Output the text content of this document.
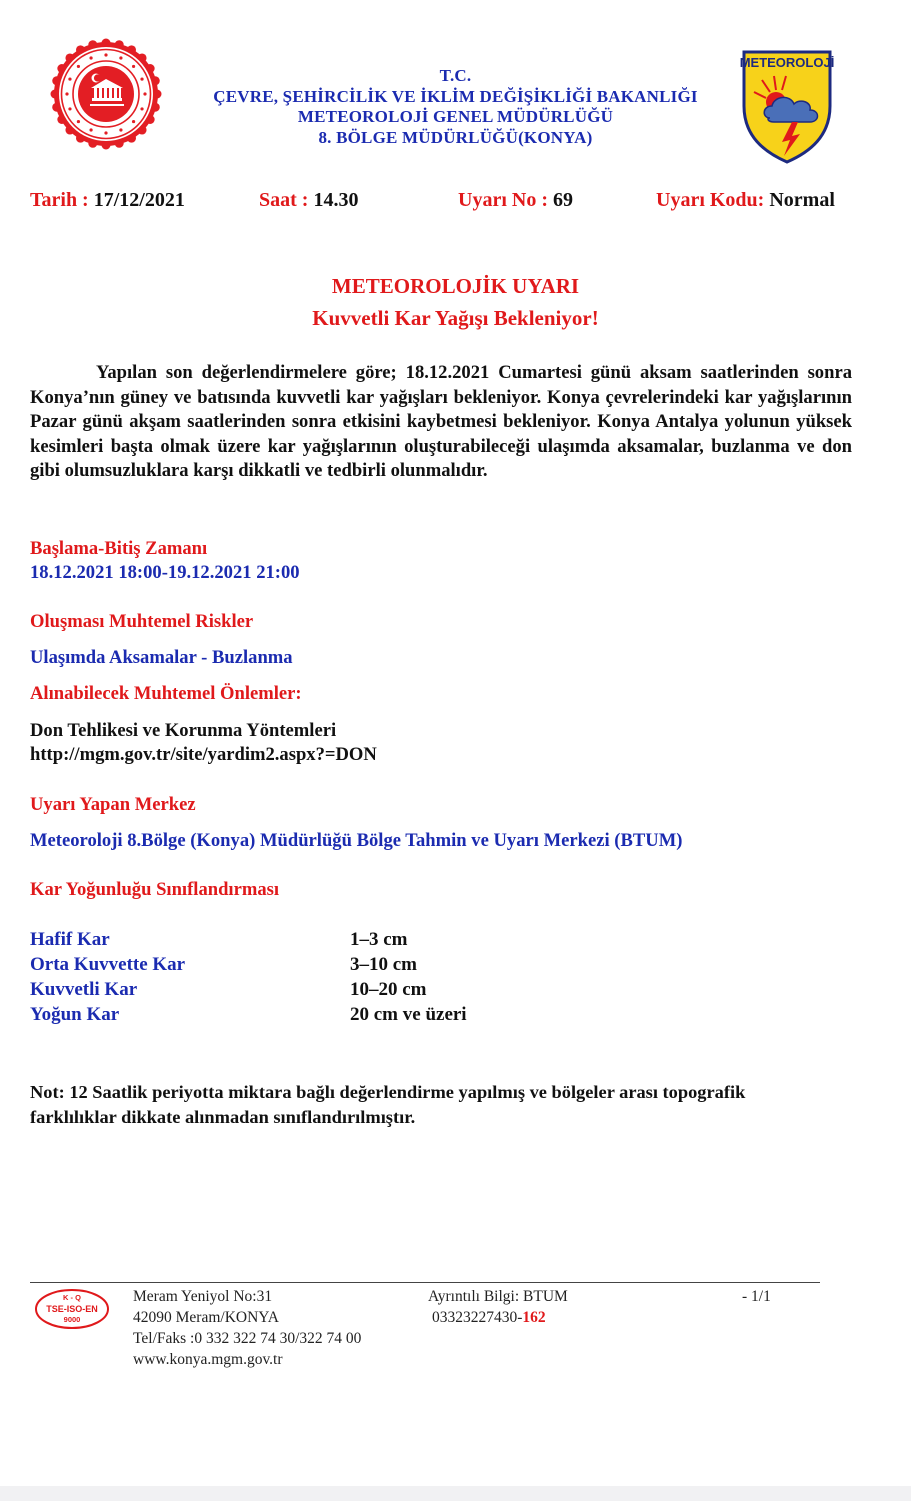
METEOROLOJİ
T.C.
ÇEVRE, ŞEHİRCİLİK VE İKLİM DEĞİŞİKLİĞİ BAKANLIĞI
METEOROLOJİ GENEL MÜDÜRLÜĞÜ
8. BÖLGE MÜDÜRLÜĞÜ(KONYA)
Tarih : 17/12/2021	Saat : 14.30	Uyarı No : 69	Uyarı Kodu: Normal
METEOROLOJİK UYARI
Kuvvetli Kar Yağışı Bekleniyor!
Yapılan son değerlendirmelere göre; 18.12.2021 Cumartesi günü aksam saatlerinden sonra Konya’nın güney ve batısında kuvvetli kar yağışları bekleniyor. Konya çevrelerindeki kar yağışlarının Pazar günü akşam saatlerinden sonra etkisini kaybetmesi bekleniyor. Konya Antalya yolunun yüksek kesimleri başta olmak üzere kar yağışlarının oluşturabileceği ulaşımda aksamalar, buzlanma ve don gibi olumsuzluklara karşı dikkatli ve tedbirli olunmalıdır.
Başlama-Bitiş Zamanı
18.12.2021 18:00-19.12.2021 21:00
Oluşması Muhtemel Riskler
Ulaşımda Aksamalar - Buzlanma
Alınabilecek Muhtemel Önlemler:
Don Tehlikesi ve Korunma Yöntemleri
http://mgm.gov.tr/site/yardim2.aspx?=DON
Uyarı Yapan Merkez
Meteoroloji 8.Bölge (Konya) Müdürlüğü Bölge Tahmin ve Uyarı Merkezi (BTUM)
Kar Yoğunluğu Sınıflandırması
Hafif Kar	1–3 cm
Orta Kuvvette Kar	3–10 cm
Kuvvetli Kar	10–20 cm
Yoğun Kar	20 cm ve üzeri
Not: 12 Saatlik periyotta miktara bağlı değerlendirme yapılmış ve bölgeler arası topografik farklılıklar dikkate alınmadan sınıflandırılmıştır.
K - Q
TSE-ISO-EN
9000
Meram Yeniyol No:31
42090 Meram/KONYA
Tel/Faks :0 332 322 74 30/322 74 00
www.konya.mgm.gov.tr
Ayrıntılı Bilgi: BTUM
03323227430-162
- 1/1
